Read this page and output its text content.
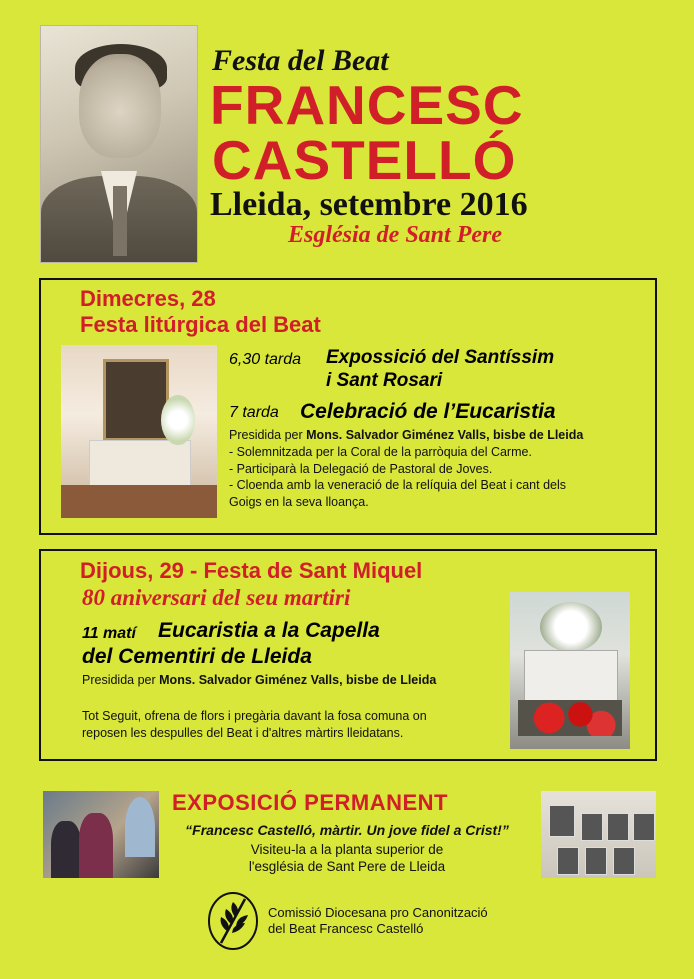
Festa del Beat
FRANCESC
CASTELLÓ
Lleida, setembre 2016
Església de Sant Pere
Dimecres, 28
Festa litúrgica del Beat
6,30 tarda Expossició del Santíssim
i Sant Rosari
7 tarda Celebració de l’Eucaristia
Presidida per Mons. Salvador Giménez Valls, bisbe de Lleida
- Solemnitzada per la Coral de la parròquia del Carme.
- Participarà la Delegació de Pastoral de Joves.
- Cloenda amb la veneració de la relíquia del Beat i cant dels
Goigs en la seva lloança.
Dijous, 29 - Festa de Sant Miquel
80 aniversari del seu martiri
11 matí Eucaristia a la Capella
del Cementiri de Lleida
Presidida per Mons. Salvador Giménez Valls, bisbe de Lleida
Tot Seguit, ofrena de flors i pregària davant la fosa comuna on
reposen les despulles del Beat i d'altres màrtirs lleidatans.
EXPOSICIÓ PERMANENT
“Francesc Castelló, màrtir. Un jove fidel a Crist!”
Visiteu-la a la planta superior de
l'església de Sant Pere de Lleida
Comissió Diocesana pro Canonització
del Beat Francesc Castelló
